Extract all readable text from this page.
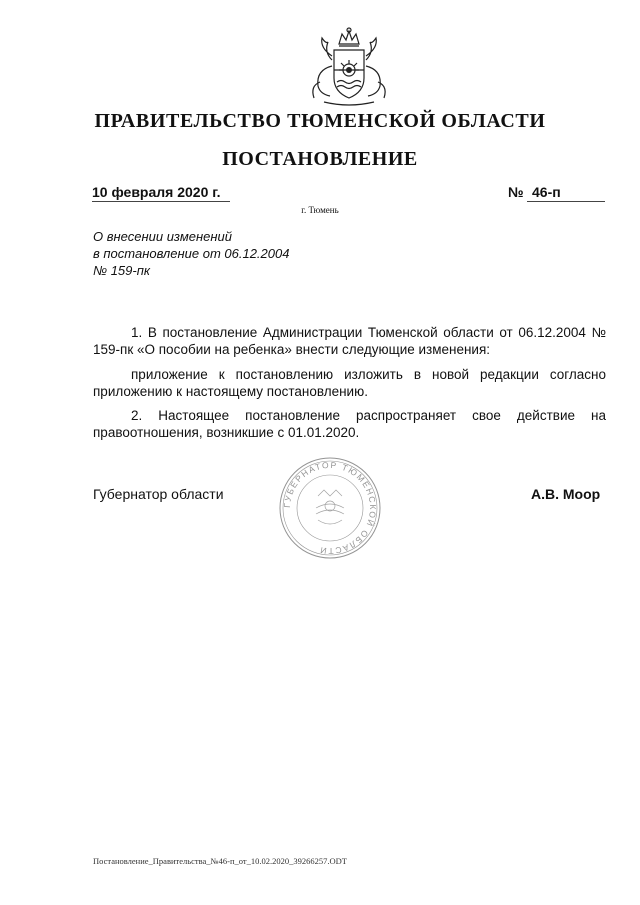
ПРАВИТЕЛЬСТВО ТЮМЕНСКОЙ ОБЛАСТИ
ПОСТАНОВЛЕНИЕ
10 февраля 2020 г.	№ 46-п
г. Тюмень
О внесении изменений
в постановление от 06.12.2004
№ 159-пк
1. В постановление Администрации Тюменской области от 06.12.2004 № 159-пк «О пособии на ребенка» внести следующие изменения:
приложение к постановлению изложить в новой редакции согласно приложению к настоящему постановлению.
2. Настоящее постановление распространяет свое действие на правоотношения, возникшие с 01.01.2020.
ГУБЕРНАТОР ТЮМЕНСКОЙ ОБЛАСТИ
Губернатор области	А.В. Моор
Постановление_Правительства_№46-п_от_10.02.2020_39266257.ODT
